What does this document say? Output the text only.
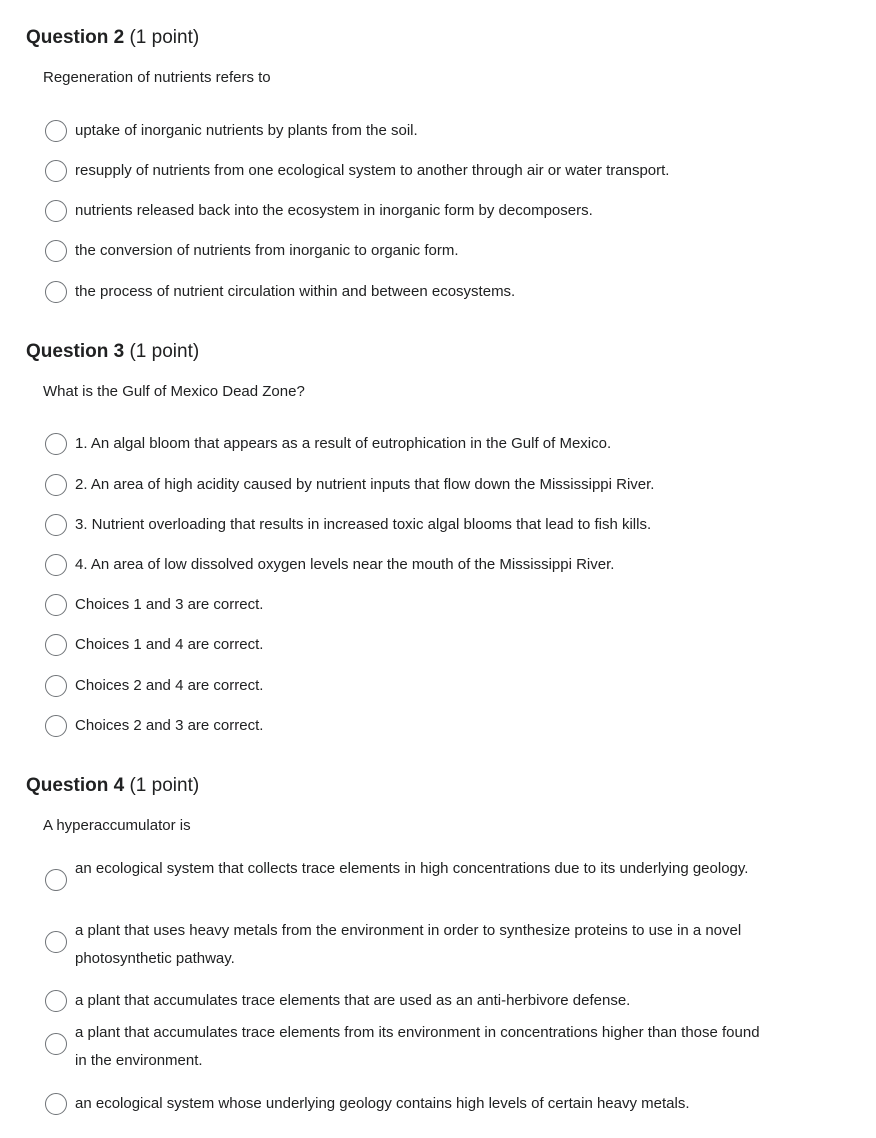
Question 2 (1 point)
Regeneration of nutrients refers to
uptake of inorganic nutrients by plants from the soil.
resupply of nutrients from one ecological system to another through air or water transport.
nutrients released back into the ecosystem in inorganic form by decomposers.
the conversion of nutrients from inorganic to organic form.
the process of nutrient circulation within and between ecosystems.
Question 3 (1 point)
What is the Gulf of Mexico Dead Zone?
1. An algal bloom that appears as a result of eutrophication in the Gulf of Mexico.
2. An area of high acidity caused by nutrient inputs that flow down the Mississippi River.
3. Nutrient overloading that results in increased toxic algal blooms that lead to fish kills.
4. An area of low dissolved oxygen levels near the mouth of the Mississippi River.
Choices 1 and 3 are correct.
Choices 1 and 4 are correct.
Choices 2 and 4 are correct.
Choices 2 and 3 are correct.
Question 4 (1 point)
A hyperaccumulator is
an ecological system that collects trace elements in high concentrations due to its underlying geology.
a plant that uses heavy metals from the environment in order to synthesize proteins to use in a novel photosynthetic pathway.
a plant that accumulates trace elements that are used as an anti-herbivore defense.
a plant that accumulates trace elements from its environment in concentrations higher than those found in the environment.
an ecological system whose underlying geology contains high levels of certain heavy metals.
